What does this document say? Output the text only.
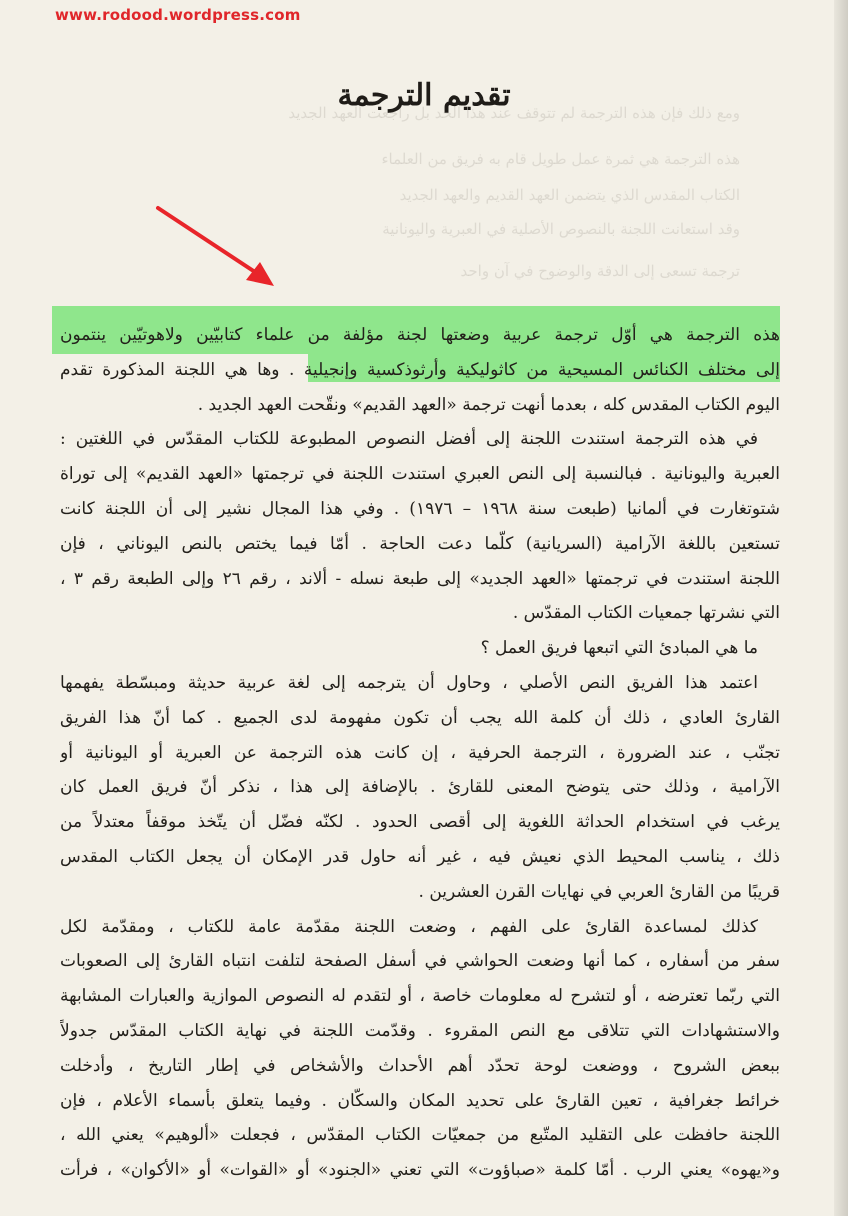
www.rodood.wordpress.com
ومع ذلك فإن هذه الترجمة لم تتوقف عند هذا الحد بل راجعت العهد الجديد
هذه الترجمة هي ثمرة عمل طويل قام به فريق من العلماء
الكتاب المقدس الذي يتضمن العهد القديم والعهد الجديد
وقد استعانت اللجنة بالنصوص الأصلية في العبرية واليونانية
ترجمة تسعى إلى الدقة والوضوح في آن واحد
تقديم الترجمة
هذه الترجمة هي أوّل ترجمة عربية وضعتها لجنة مؤلفة من علماء كتابيّين ولاهوتيّين ينتمون
إلى مختلف الكنائس المسيحية من كاثوليكية وأرثوذكسية وإنجيلية . وها هي اللجنة المذكورة تقدم
اليوم الكتاب المقدس كله ، بعدما أنهت ترجمة «العهد القديم» ونقّحت العهد الجديد .
في هذه الترجمة استندت اللجنة إلى أفضل النصوص المطبوعة للكتاب المقدّس في اللغتين :
العبرية واليونانية . فبالنسبة إلى النص العبري استندت اللجنة في ترجمتها «العهد القديم» إلى توراة
شتوتغارت في ألمانيا (طبعت سنة ١٩٦٨ – ١٩٧٦) . وفي هذا المجال نشير إلى أن اللجنة كانت
تستعين باللغة الآرامية (السريانية) كلّما دعت الحاجة . أمّا فيما يختص بالنص اليوناني ، فإن
اللجنة استندت في ترجمتها «العهد الجديد» إلى طبعة نسله - ألاند ، رقم ٢٦ وإلى الطبعة رقم ٣ ،
التي نشرتها جمعيات الكتاب المقدّس .
ما هي المبادئ التي اتبعها فريق العمل ؟
اعتمد هذا الفريق النص الأصلي ، وحاول أن يترجمه إلى لغة عربية حديثة ومبسّطة يفهمها
القارئ العادي ، ذلك أن كلمة الله يجب أن تكون مفهومة لدى الجميع . كما أنّ هذا الفريق
تجنّب ، عند الضرورة ، الترجمة الحرفية ، إن كانت هذه الترجمة عن العبرية أو اليونانية أو
الآرامية ، وذلك حتى يتوضح المعنى للقارئ . بالإضافة إلى هذا ، نذكر أنّ فريق العمل كان
يرغب في استخدام الحداثة اللغوية إلى أقصى الحدود . لكنّه فضّل أن يتّخذ موقفاً معتدلاً من
ذلك ، يناسب المحيط الذي نعيش فيه ، غير أنه حاول قدر الإمكان أن يجعل الكتاب المقدس
قريبًا من القارئ العربي في نهايات القرن العشرين .
كذلك لمساعدة القارئ على الفهم ، وضعت اللجنة مقدّمة عامة للكتاب ، ومقدّمة لكل
سفر من أسفاره ، كما أنها وضعت الحواشي في أسفل الصفحة لتلفت انتباه القارئ إلى الصعوبات
التي ربّما تعترضه ، أو لتشرح له معلومات خاصة ، أو لتقدم له النصوص الموازية والعبارات المشابهة
والاستشهادات التي تتلاقى مع النص المقروء . وقدّمت اللجنة في نهاية الكتاب المقدّس جدولاً
ببعض الشروح ، ووضعت لوحة تحدّد أهم الأحداث والأشخاص في إطار التاريخ ، وأدخلت
خرائط جغرافية ، تعين القارئ على تحديد المكان والسكّان . وفيما يتعلق بأسماء الأعلام ، فإن
اللجنة حافظت على التقليد المتّبع من جمعيّات الكتاب المقدّس ، فجعلت «ألوهيم» يعني الله ،
و«يهوه» يعني الرب . أمّا كلمة «صباؤوت» التي تعني «الجنود» أو «القوات» أو «الأكوان» ، فرأت
